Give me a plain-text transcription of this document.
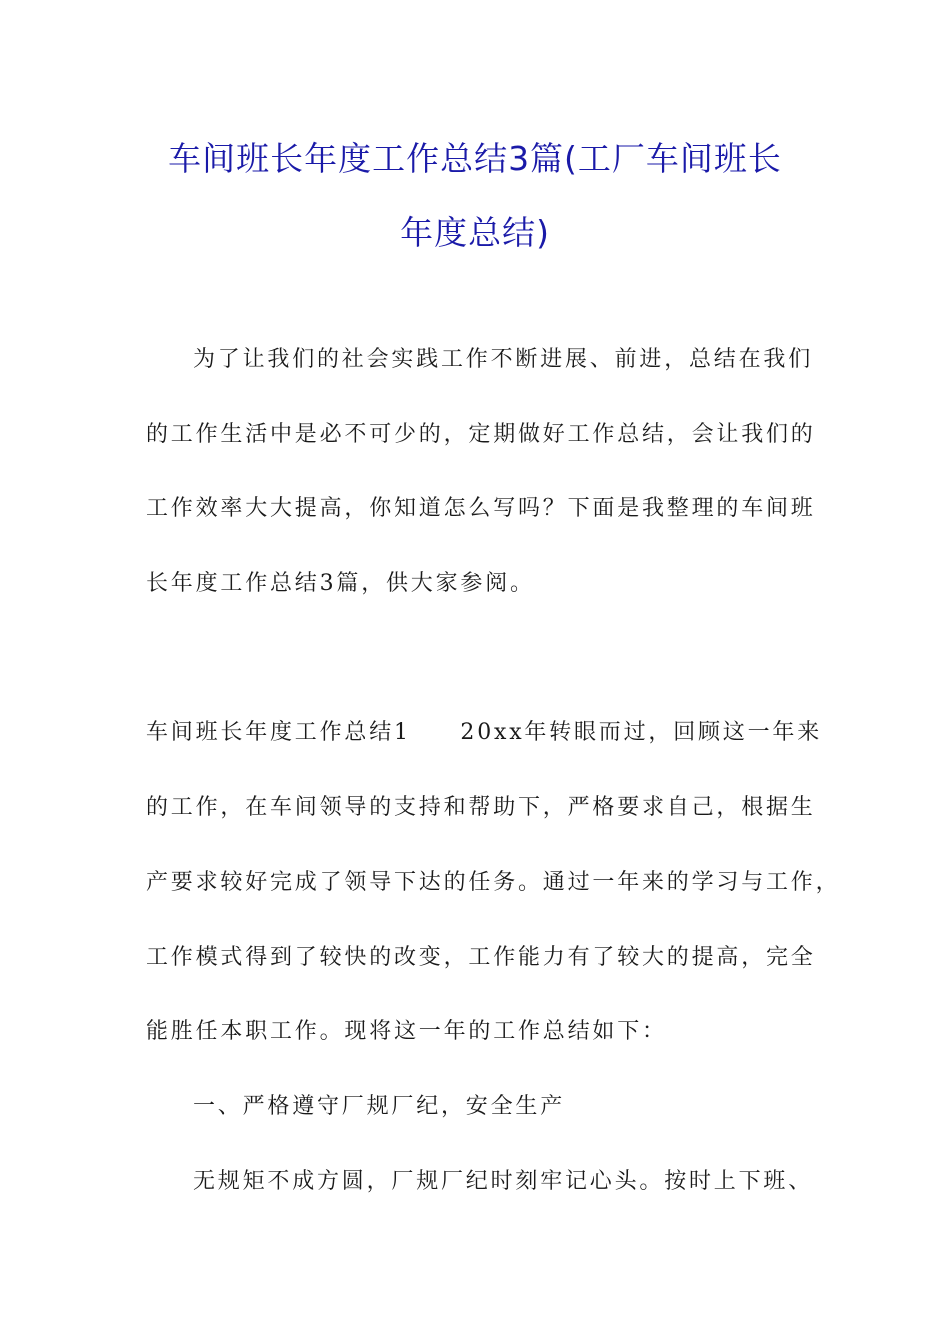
车间班长年度工作总结3篇(工厂车间班长
年度总结)
为了让我们的社会实践工作不断进展、前进，总结在我们
的工作生活中是必不可少的，定期做好工作总结，会让我们的
工作效率大大提高，你知道怎么写吗？下面是我整理的车间班
长年度工作总结3篇，供大家参阅。
车间班长年度工作总结1　　20xx年转眼而过，回顾这一年来
的工作，在车间领导的支持和帮助下，严格要求自己，根据生
产要求较好完成了领导下达的任务。通过一年来的学习与工作，
工作模式得到了较快的改变，工作能力有了较大的提高，完全
能胜任本职工作。现将这一年的工作总结如下：
一、严格遵守厂规厂纪，安全生产
无规矩不成方圆，厂规厂纪时刻牢记心头。按时上下班、
